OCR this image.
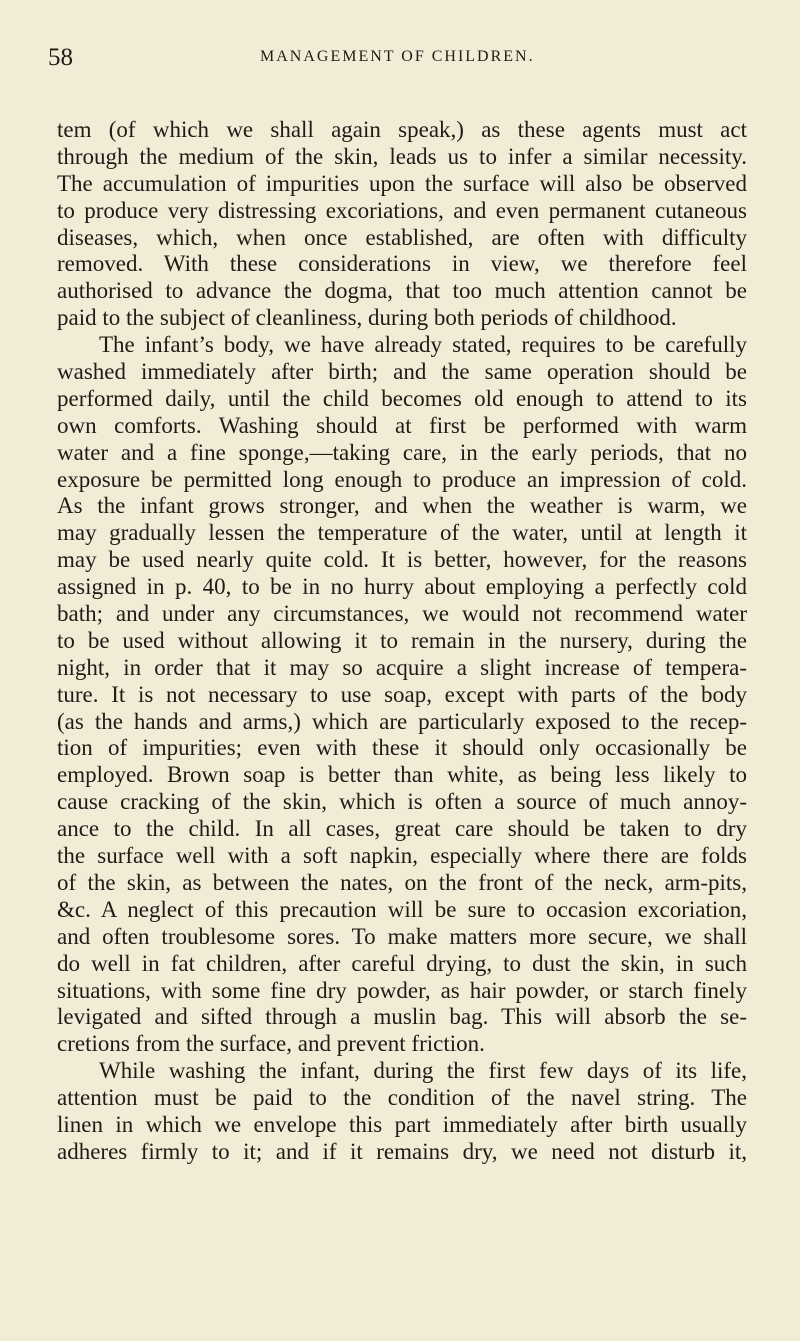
58	MANAGEMENT OF CHILDREN.
tem (of which we shall again speak,) as these agents must act
through the medium of the skin, leads us to infer a similar necessity.
The accumulation of impurities upon the surface will also be observed
to produce very distressing excoriations, and even permanent cutaneous
diseases, which, when once established, are often with difficulty
removed. With these considerations in view, we therefore feel
authorised to advance the dogma, that too much attention cannot be
paid to the subject of cleanliness, during both periods of childhood.
The infant’s body, we have already stated, requires to be carefully
washed immediately after birth; and the same operation should be
performed daily, until the child becomes old enough to attend to its
own comforts. Washing should at first be performed with warm
water and a fine sponge,—taking care, in the early periods, that no
exposure be permitted long enough to produce an impression of cold.
As the infant grows stronger, and when the weather is warm, we
may gradually lessen the temperature of the water, until at length it
may be used nearly quite cold. It is better, however, for the reasons
assigned in p. 40, to be in no hurry about employing a perfectly cold
bath; and under any circumstances, we would not recommend water
to be used without allowing it to remain in the nursery, during the
night, in order that it may so acquire a slight increase of tempera-
ture. It is not necessary to use soap, except with parts of the body
(as the hands and arms,) which are particularly exposed to the recep-
tion of impurities; even with these it should only occasionally be
employed. Brown soap is better than white, as being less likely to
cause cracking of the skin, which is often a source of much annoy-
ance to the child. In all cases, great care should be taken to dry
the surface well with a soft napkin, especially where there are folds
of the skin, as between the nates, on the front of the neck, arm-pits,
&c. A neglect of this precaution will be sure to occasion excoriation,
and often troublesome sores. To make matters more secure, we shall
do well in fat children, after careful drying, to dust the skin, in such
situations, with some fine dry powder, as hair powder, or starch finely
levigated and sifted through a muslin bag. This will absorb the se-
cretions from the surface, and prevent friction.
While washing the infant, during the first few days of its life,
attention must be paid to the condition of the navel string. The
linen in which we envelope this part immediately after birth usually
adheres firmly to it; and if it remains dry, we need not disturb it,
